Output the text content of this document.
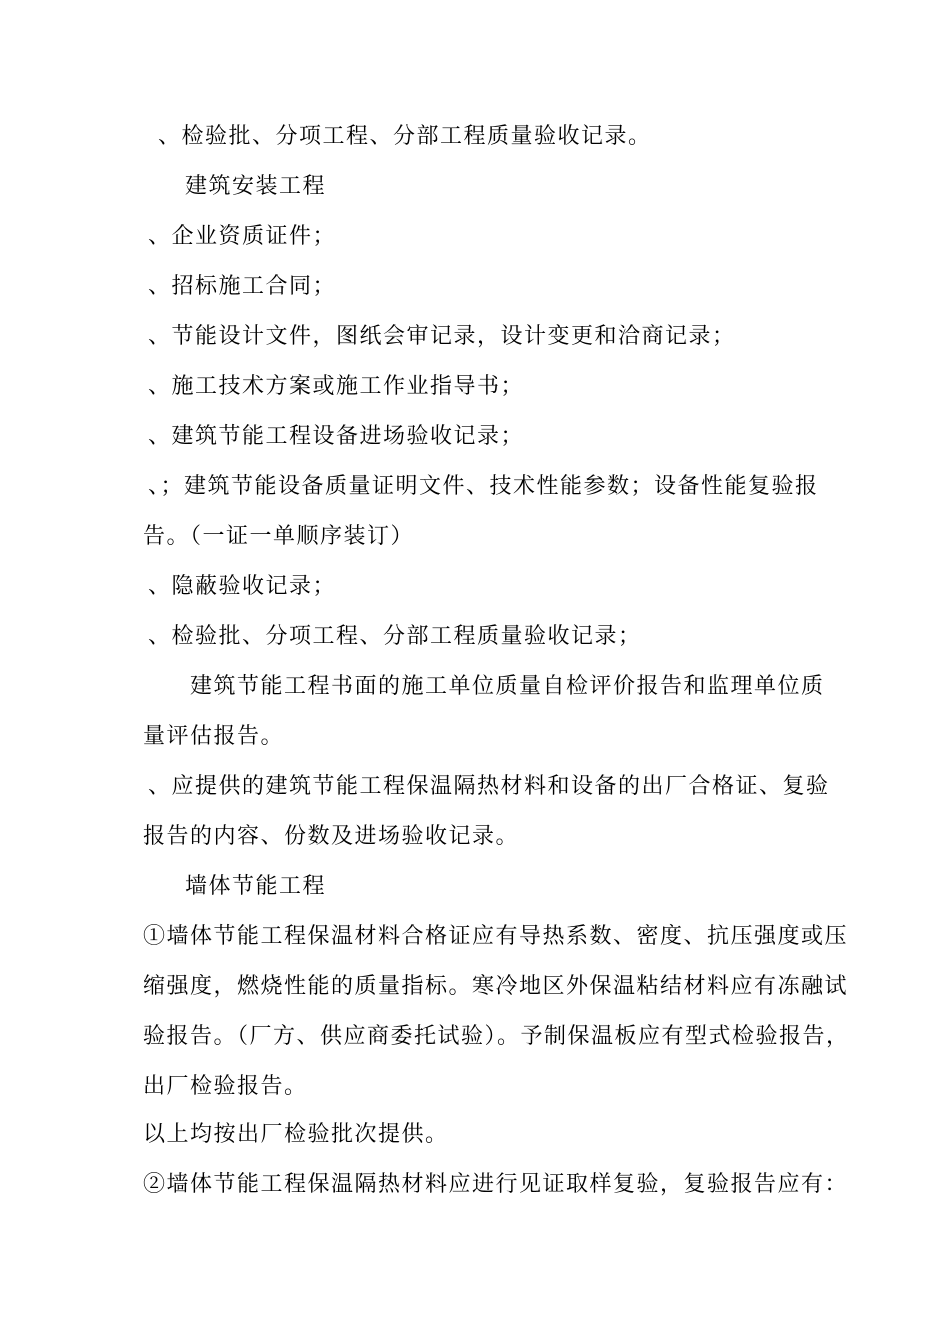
、检验批、分项工程、分部工程质量验收记录。
建筑安装工程
、企业资质证件；
、招标施工合同；
、节能设计文件，图纸会审记录，设计变更和洽商记录；
、施工技术方案或施工作业指导书；
、建筑节能工程设备进场验收记录；
、；建筑节能设备质量证明文件、技术性能参数；设备性能复验报
告。（一证一单顺序装订）
、隐蔽验收记录；
、检验批、分项工程、分部工程质量验收记录；
建筑节能工程书面的施工单位质量自检评价报告和监理单位质
量评估报告。
、应提供的建筑节能工程保温隔热材料和设备的出厂合格证、复验
报告的内容、份数及进场验收记录。
墙体节能工程
①墙体节能工程保温材料合格证应有导热系数、密度、抗压强度或压
缩强度，燃烧性能的质量指标。寒冷地区外保温粘结材料应有冻融试
验报告。（厂方、供应商委托试验）。予制保温板应有型式检验报告，
出厂检验报告。
以上均按出厂检验批次提供。
②墙体节能工程保温隔热材料应进行见证取样复验，复验报告应有：
